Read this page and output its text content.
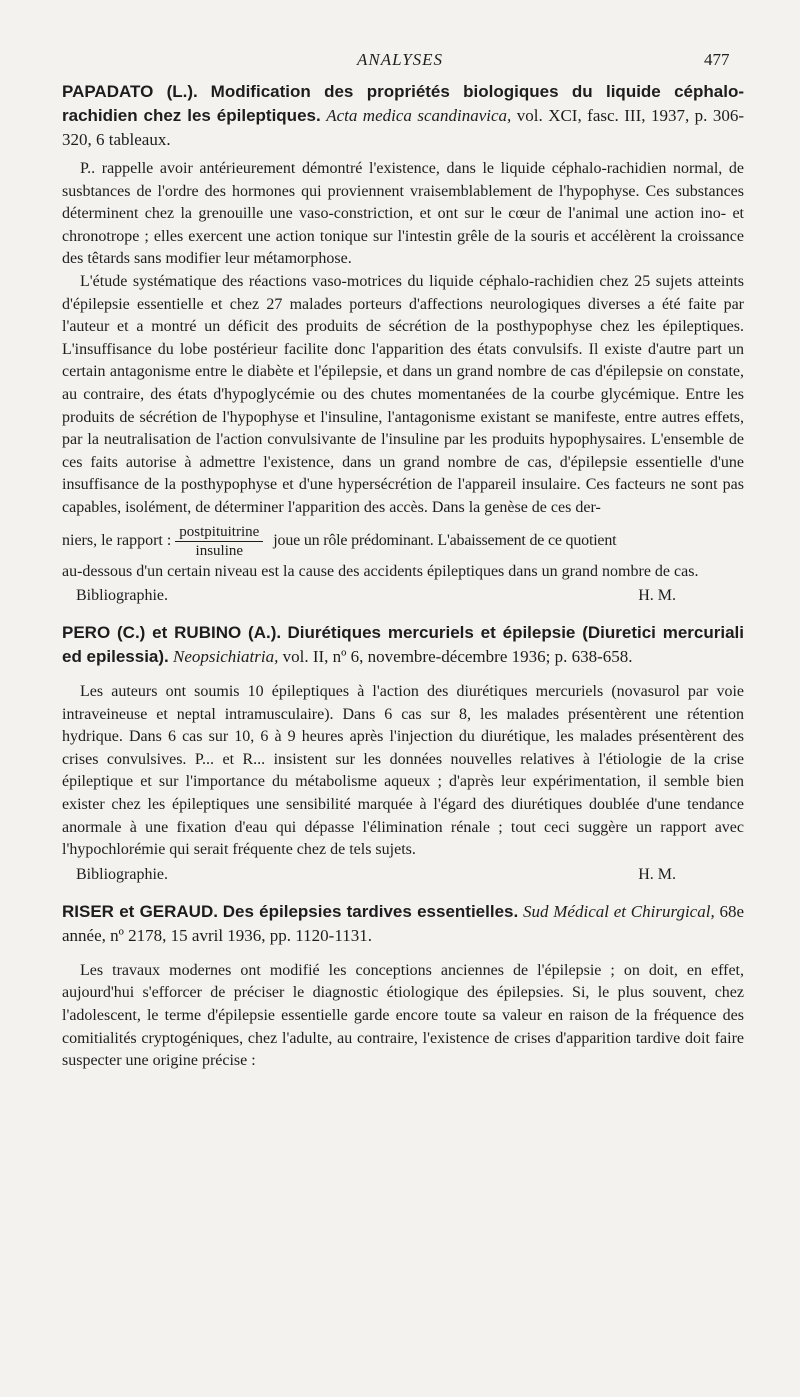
ANALYSES	477

PAPADATO (L.). Modification des propriétés biologiques du liquide céphalo-rachidien chez les épileptiques. Acta medica scandinavica, vol. XCI, fasc. III, 1937, p. 306-320, 6 tableaux.

P.. rappelle avoir antérieurement démontré l'existence, dans le liquide céphalo-rachidien normal, de susbtances de l'ordre des hormones qui proviennent vraisemblablement de l'hypophyse. Ces substances déterminent chez la grenouille une vaso-constriction, et ont sur le cœur de l'animal une action ino- et chronotrope ; elles exercent une action tonique sur l'intestin grêle de la souris et accélèrent la croissance des têtards sans modifier leur métamorphose.

L'étude systématique des réactions vaso-motrices du liquide céphalo-rachidien chez 25 sujets atteints d'épilepsie essentielle et chez 27 malades porteurs d'affections neurologiques diverses a été faite par l'auteur et a montré un déficit des produits de sécrétion de la posthypophyse chez les épileptiques. L'insuffisance du lobe postérieur facilite donc l'apparition des états convulsifs. Il existe d'autre part un certain antagonisme entre le diabète et l'épilepsie, et dans un grand nombre de cas d'épilepsie on constate, au contraire, des états d'hypoglycémie ou des chutes momentanées de la courbe glycémique. Entre les produits de sécrétion de l'hypophyse et l'insuline, l'antagonisme existant se manifeste, entre autres effets, par la neutralisation de l'action convulsivante de l'insuline par les produits hypophysaires. L'ensemble de ces faits autorise à admettre l'existence, dans un grand nombre de cas, d'épilepsie essentielle d'une insuffisance de la posthypophyse et d'une hypersécrétion de l'appareil insulaire. Ces facteurs ne sont pas capables, isolément, de déterminer l'apparition des accès. Dans la genèse de ces der-

niers, le rapport : $\frac{\text{postpituitrine}}{\text{insuline}}$ joue un rôle prédominant. L'abaissement de ce quotient

au-dessous d'un certain niveau est la cause des accidents épileptiques dans un grand nombre de cas.

Bibliographie.	H. M.

PERO (C.) et RUBINO (A.). Diurétiques mercuriels et épilepsie (Diuretici mercuriali ed epilessia). Neopsichiatria, vol. II, nº 6, novembre-décembre 1936; p. 638-658.

Les auteurs ont soumis 10 épileptiques à l'action des diurétiques mercuriels (novasurol par voie intraveineuse et neptal intramusculaire). Dans 6 cas sur 8, les malades présentèrent une rétention hydrique. Dans 6 cas sur 10, 6 à 9 heures après l'injection du diurétique, les malades présentèrent des crises convulsives. P... et R... insistent sur les données nouvelles relatives à l'étiologie de la crise épileptique et sur l'importance du métabolisme aqueux ; d'après leur expérimentation, il semble bien exister chez les épileptiques une sensibilité marquée à l'égard des diurétiques doublée d'une tendance anormale à une fixation d'eau qui dépasse l'élimination rénale ; tout ceci suggère un rapport avec l'hypochlorémie qui serait fréquente chez de tels sujets.

Bibliographie.	H. M.

RISER et GERAUD. Des épilepsies tardives essentielles. Sud Médical et Chirurgical, 68e année, nº 2178, 15 avril 1936, pp. 1120-1131.

Les travaux modernes ont modifié les conceptions anciennes de l'épilepsie ; on doit, en effet, aujourd'hui s'efforcer de préciser le diagnostic étiologique des épilepsies. Si, le plus souvent, chez l'adolescent, le terme d'épilepsie essentielle garde encore toute sa valeur en raison de la fréquence des comitialités cryptogéniques, chez l'adulte, au contraire, l'existence de crises d'apparition tardive doit faire suspecter une origine précise :
